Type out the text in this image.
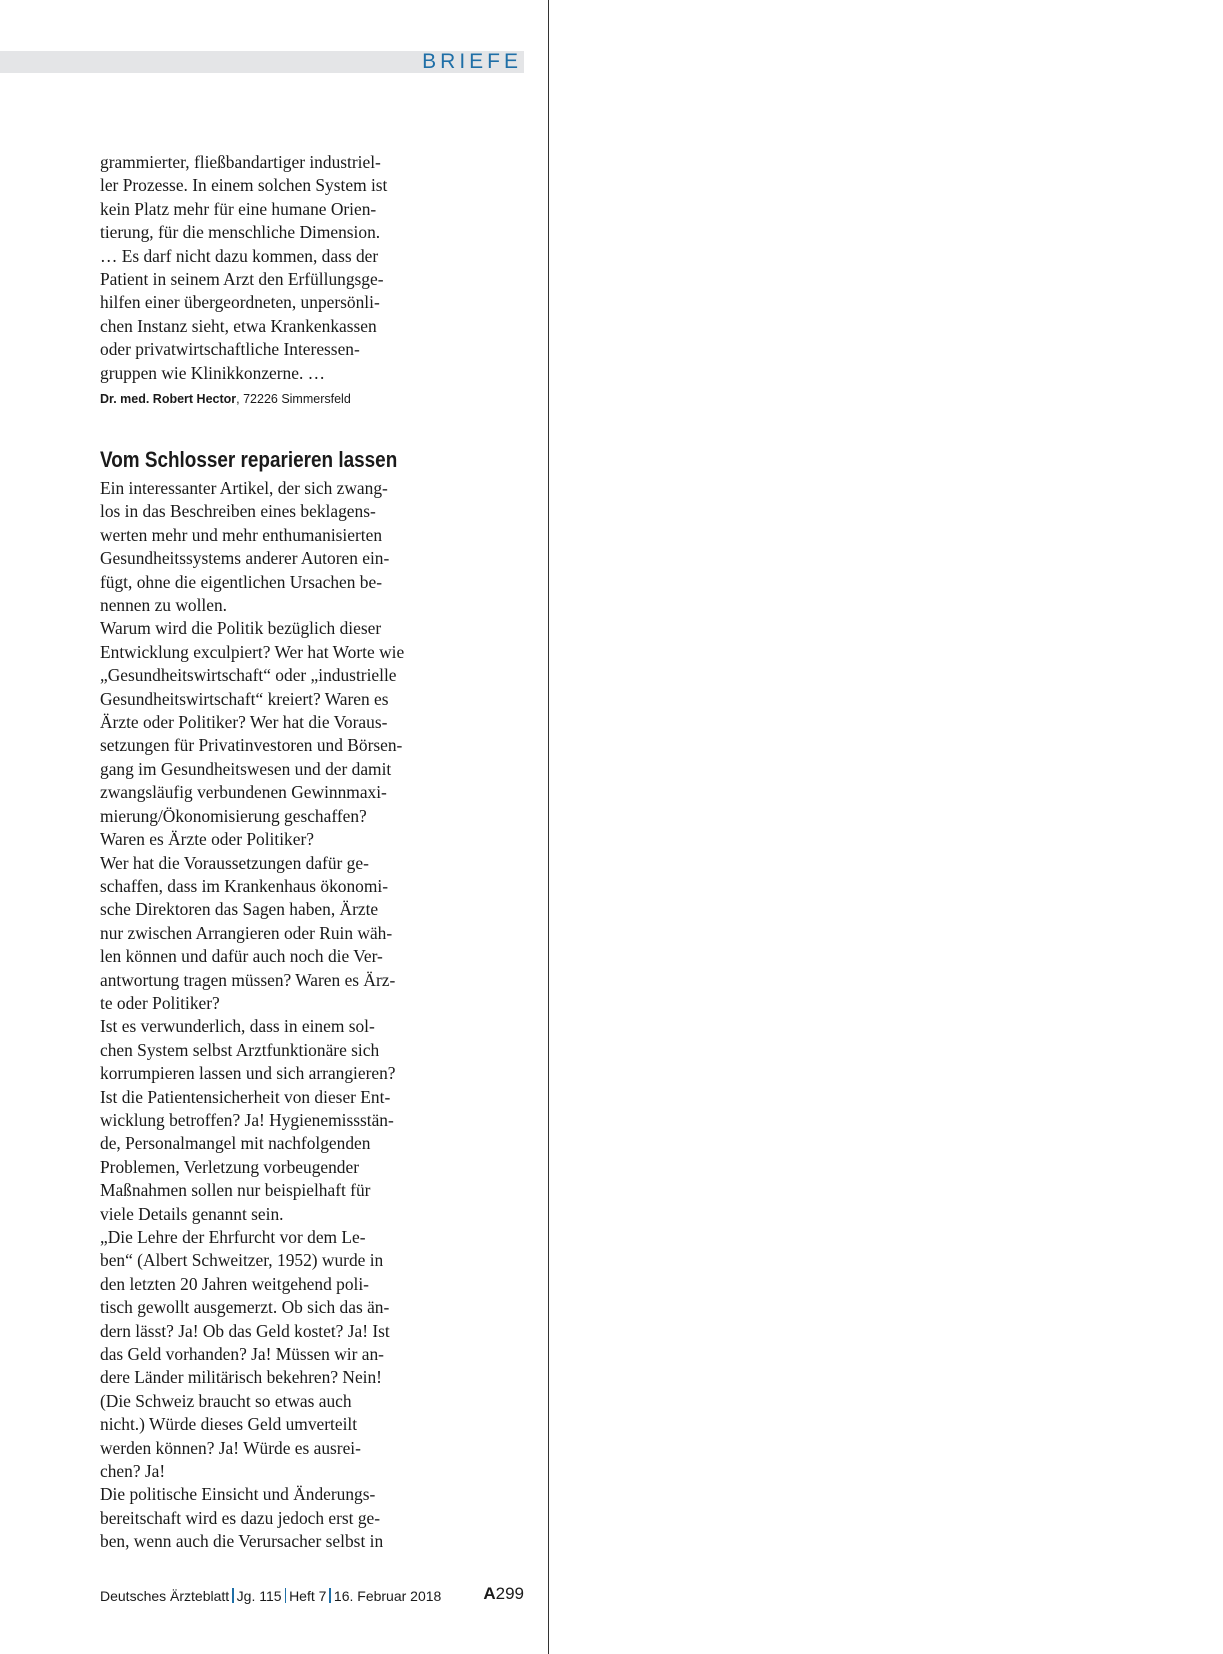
BRIEFE
grammierter, fließbandartiger industriel-
ler Prozesse. In einem solchen System ist
kein Platz mehr für eine humane Orien-
tierung, für die menschliche Dimension.
… Es darf nicht dazu kommen, dass der
Patient in seinem Arzt den Erfüllungsge-
hilfen einer übergeordneten, unpersönli-
chen Instanz sieht, etwa Krankenkassen
oder privatwirtschaftliche Interessen-
gruppen wie Klinikkonzerne. …
Dr. med. Robert Hector, 72226 Simmersfeld
Vom Schlosser reparieren lassen
Ein interessanter Artikel, der sich zwang-
los in das Beschreiben eines beklagens-
werten mehr und mehr enthumanisierten
Gesundheitssystems anderer Autoren ein-
fügt, ohne die eigentlichen Ursachen be-
nennen zu wollen.
Warum wird die Politik bezüglich dieser
Entwicklung exculpiert? Wer hat Worte wie
„Gesundheitswirtschaft“ oder „industrielle
Gesundheitswirtschaft“ kreiert? Waren es
Ärzte oder Politiker? Wer hat die Voraus-
setzungen für Privatinvestoren und Börsen-
gang im Gesundheitswesen und der damit
zwangsläufig verbundenen Gewinnmaxi-
mierung/Ökonomisierung geschaffen?
Waren es Ärzte oder Politiker?
Wer hat die Voraussetzungen dafür ge-
schaffen, dass im Krankenhaus ökonomi-
sche Direktoren das Sagen haben, Ärzte
nur zwischen Arrangieren oder Ruin wäh-
len können und dafür auch noch die Ver-
antwortung tragen müssen? Waren es Ärz-
te oder Politiker?
Ist es verwunderlich, dass in einem sol-
chen System selbst Arztfunktionäre sich
korrumpieren lassen und sich arrangieren?
Ist die Patientensicherheit von dieser Ent-
wicklung betroffen? Ja! Hygienemissstän-
de, Personalmangel mit nachfolgenden
Problemen, Verletzung vorbeugender
Maßnahmen sollen nur beispielhaft für
viele Details genannt sein.
„Die Lehre der Ehrfurcht vor dem Le-
ben“ (Albert Schweitzer, 1952) wurde in
den letzten 20 Jahren weitgehend poli-
tisch gewollt ausgemerzt. Ob sich das än-
dern lässt? Ja! Ob das Geld kostet? Ja! Ist
das Geld vorhanden? Ja! Müssen wir an-
dere Länder militärisch bekehren? Nein!
(Die Schweiz braucht so etwas auch
nicht.) Würde dieses Geld umverteilt
werden können? Ja! Würde es ausrei-
chen? Ja!
Die politische Einsicht und Änderungs-
bereitschaft wird es dazu jedoch erst ge-
ben, wenn auch die Verursacher selbst in
Deutsches Ärzteblatt Jg. 115 Heft 7 16. Februar 2018 A299
